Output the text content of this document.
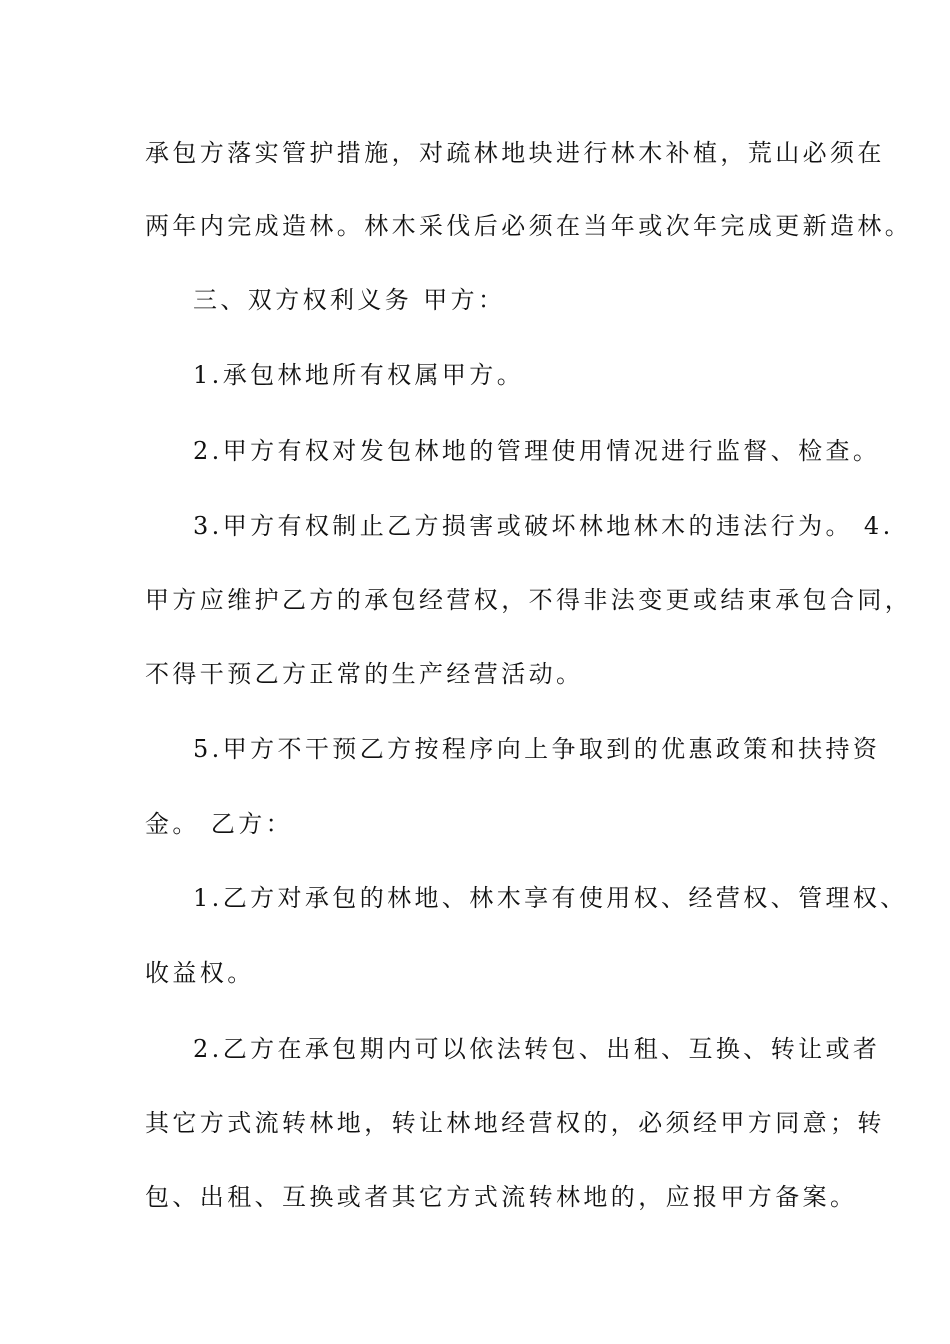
承包方落实管护措施，对疏林地块进行林木补植，荒山必须在
两年内完成造林。林木采伐后必须在当年或次年完成更新造林。
三、双方权利义务 甲方：
1.承包林地所有权属甲方。
2.甲方有权对发包林地的管理使用情况进行监督、检查。
3.甲方有权制止乙方损害或破坏林地林木的违法行为。 4.
甲方应维护乙方的承包经营权，不得非法变更或结束承包合同，
不得干预乙方正常的生产经营活动。
5.甲方不干预乙方按程序向上争取到的优惠政策和扶持资
金。 乙方：
1.乙方对承包的林地、林木享有使用权、经营权、管理权、
收益权。
2.乙方在承包期内可以依法转包、出租、互换、转让或者
其它方式流转林地，转让林地经营权的，必须经甲方同意；转
包、出租、互换或者其它方式流转林地的，应报甲方备案。
